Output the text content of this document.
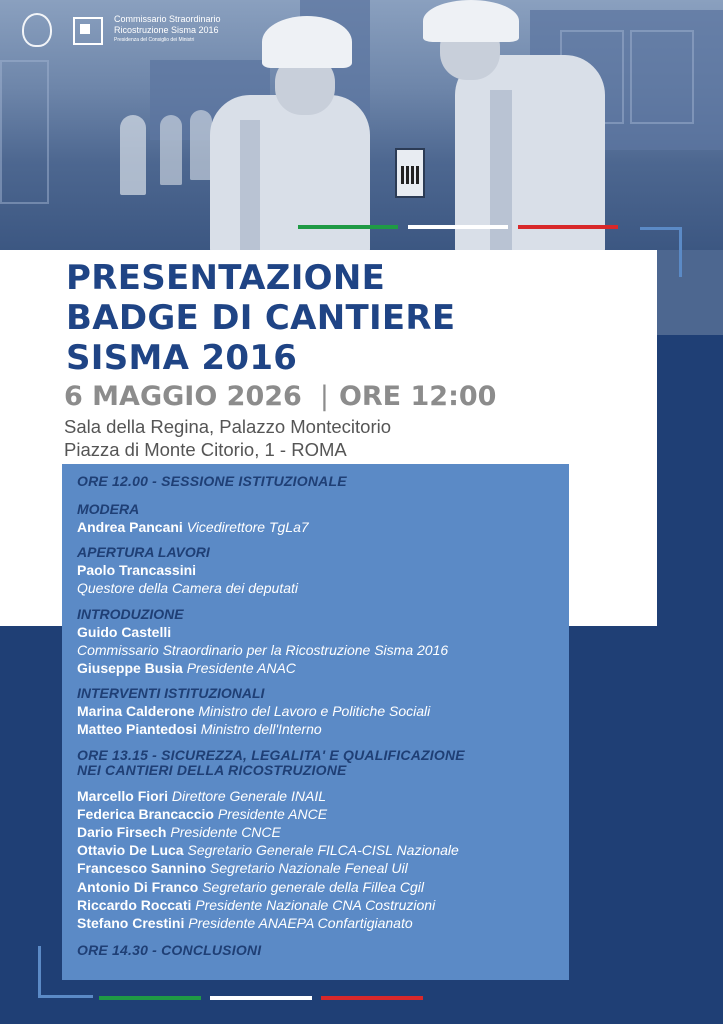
Commissario Straordinario
Ricostruzione Sisma 2016
Presidenza del Consiglio dei Ministri
PRESENTAZIONE
BADGE DI CANTIERE
SISMA 2016
6 MAGGIO 2026 | ORE 12:00
Sala della Regina, Palazzo Montecitorio
Piazza di Monte Citorio, 1 - ROMA
ORE 12.00 - SESSIONE ISTITUZIONALE
MODERA
Andrea Pancani Vicedirettore TgLa7
APERTURA LAVORI
Paolo Trancassini
Questore della Camera dei deputati
INTRODUZIONE
Guido Castelli
Commissario Straordinario per la Ricostruzione Sisma 2016
Giuseppe Busia Presidente ANAC
INTERVENTI ISTITUZIONALI
Marina Calderone Ministro del Lavoro e Politiche Sociali
Matteo Piantedosi Ministro dell'Interno
ORE 13.15 - SICUREZZA, LEGALITA' E QUALIFICAZIONE
NEI CANTIERI DELLA RICOSTRUZIONE
Marcello Fiori Direttore Generale INAIL
Federica Brancaccio Presidente ANCE
Dario Firsech Presidente CNCE
Ottavio De Luca Segretario Generale FILCA-CISL Nazionale
Francesco Sannino Segretario Nazionale Feneal Uil
Antonio Di Franco Segretario generale della Fillea Cgil
Riccardo Roccati Presidente Nazionale CNA Costruzioni
Stefano Crestini Presidente ANAEPA Confartigianato
ORE 14.30 - CONCLUSIONI
